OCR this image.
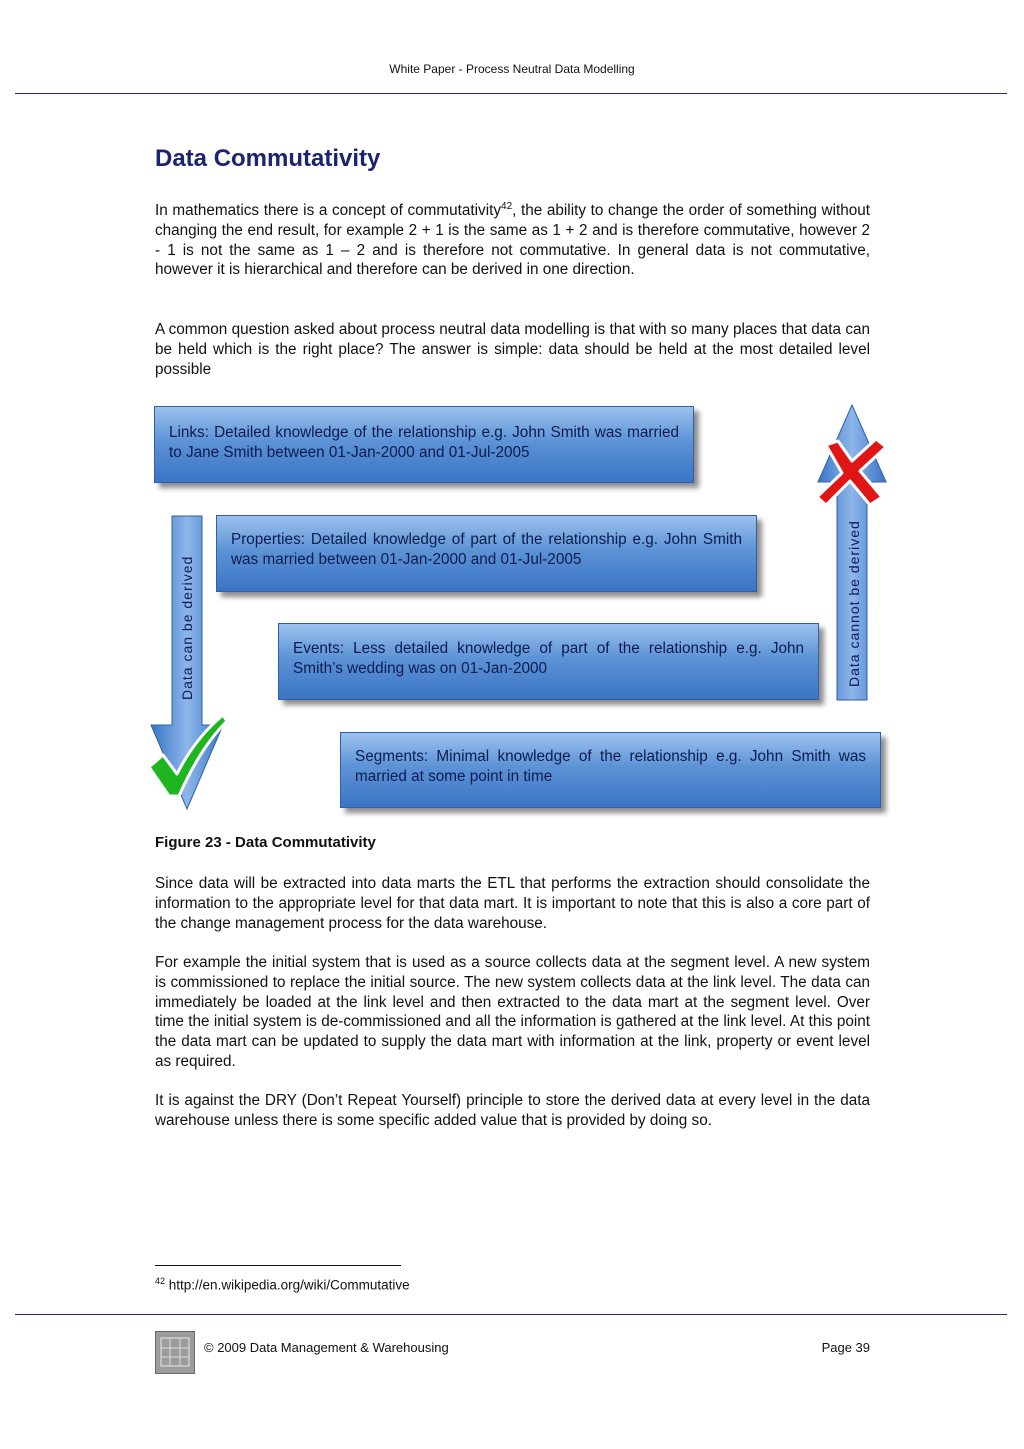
White Paper - Process Neutral Data Modelling
Data Commutativity

In mathematics there is a concept of commutativity$^{42}$, the ability to change the order of something without changing the end result, for example 2 + 1 is the same as 1 + 2 and is therefore commutative, however 2 - 1 is not the same as 1 – 2 and is therefore not commutative. In general data is not commutative, however it is hierarchical and therefore can be derived in one direction.

A common question asked about process neutral data modelling is that with so many places that data can be held which is the right place? The answer is simple: data should be held at the most detailed level possible

Data can be derived	Data cannot be derived
Links: Detailed knowledge of the relationship e.g. John Smith was married to Jane Smith between 01-Jan-2000 and 01-Jul-2005
Properties: Detailed knowledge of part of the relationship e.g. John Smith was married between 01-Jan-2000 and 01-Jul-2005
Events: Less detailed knowledge of part of the relationship e.g. John Smith’s wedding was on 01-Jan-2000
Segments: Minimal knowledge of the relationship e.g. John Smith was married at some point in time

Figure 23 - Data Commutativity

Since data will be extracted into data marts the ETL that performs the extraction should consolidate the information to the appropriate level for that data mart. It is important to note that this is also a core part of the change management process for the data warehouse.

For example the initial system that is used as a source collects data at the segment level. A new system is commissioned to replace the initial source. The new system collects data at the link level. The data can immediately be loaded at the link level and then extracted to the data mart at the segment level. Over time the initial system is de-commissioned and all the information is gathered at the link level. At this point the data mart can be updated to supply the data mart with information at the link, property or event level as required.

It is against the DRY (Don’t Repeat Yourself) principle to store the derived data at every level in the data warehouse unless there is some specific added value that is provided by doing so.

$^{42}$ http://en.wikipedia.org/wiki/Commutative
© 2009 Data Management & Warehousing	Page 39
